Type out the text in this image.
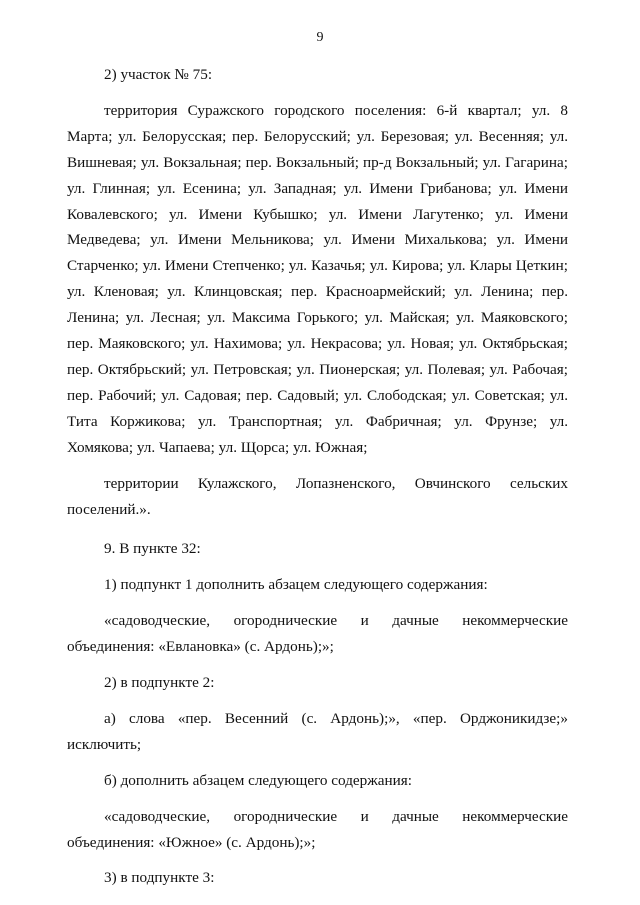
9

2) участок № 75:

территория Суражского городского поселения: 6-й квартал; ул. 8 Марта; ул. Белорусская; пер. Белорусский; ул. Березовая; ул. Весенняя; ул. Вишневая; ул. Вокзальная; пер. Вокзальный; пр-д Вокзальный; ул. Гагарина; ул. Глинная; ул. Есенина; ул. Западная; ул. Имени Грибанова; ул. Имени Ковалевского; ул. Имени Кубышко; ул. Имени Лагутенко; ул. Имени Медведева; ул. Имени Мельникова; ул. Имени Михалькова; ул. Имени Старченко; ул. Имени Степченко; ул. Казачья; ул. Кирова; ул. Клары Цеткин; ул. Кленовая; ул. Клинцовская; пер. Красноармейский; ул. Ленина; пер. Ленина; ул. Лесная; ул. Максима Горького; ул. Майская; ул. Маяковского; пер. Маяковского; ул. Нахимова; ул. Некрасова; ул. Новая; ул. Октябрьская; пер. Октябрьский; ул. Петровская; ул. Пионерская; ул. Полевая; ул. Рабочая; пер. Рабочий; ул. Садовая; пер. Садовый; ул. Слободская; ул. Советская; ул. Тита Коржикова; ул. Транспортная; ул. Фабричная; ул. Фрунзе; ул. Хомякова; ул. Чапаева; ул. Щорса; ул. Южная;

территории Кулажского, Лопазненского, Овчинского сельских поселений.».

9. В пункте 32:

1) подпункт 1 дополнить абзацем следующего содержания:

«садоводческие, огороднические и дачные некоммерческие объединения: «Евлановка» (с. Ардонь);»;

2) в подпункте 2:

а) слова «пер. Весенний (с. Ардонь);», «пер. Орджоникидзе;» исключить;

б) дополнить абзацем следующего содержания:

«садоводческие, огороднические и дачные некоммерческие объединения: «Южное» (с. Ардонь);»;

3) в подпункте 3:
